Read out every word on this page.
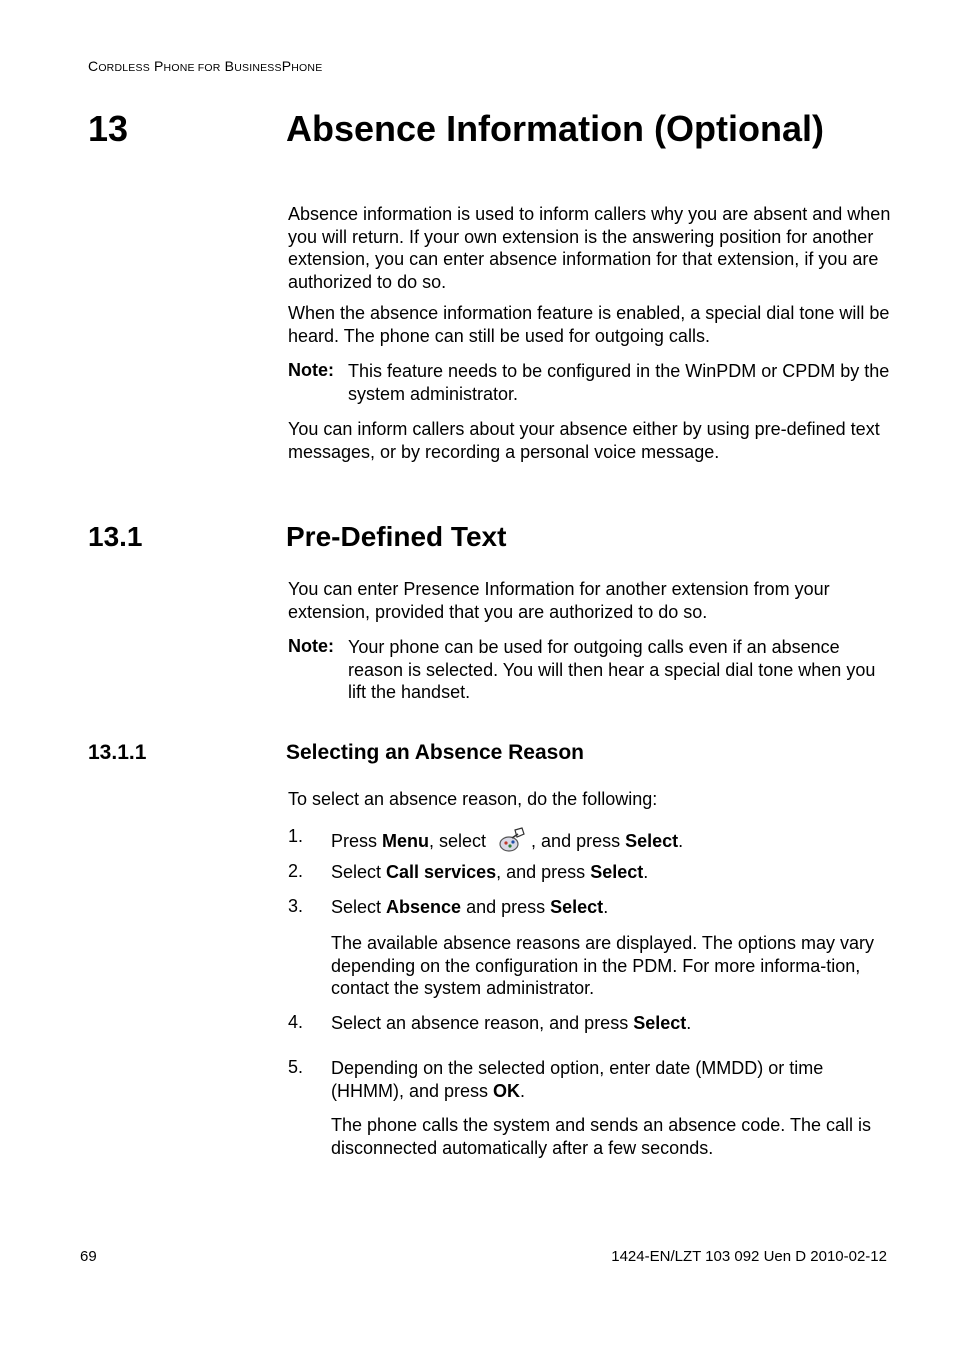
CORDLESS PHONE FOR BUSINESSPHONE
13	Absence Information (Optional)
Absence information is used to inform callers why you are absent and when you will return. If your own extension is the answering position for another extension, you can enter absence information for that extension, if you are authorized to do so.
When the absence information feature is enabled, a special dial tone will be heard. The phone can still be used for outgoing calls.
Note: This feature needs to be configured in the WinPDM or CPDM by the system administrator.
You can inform callers about your absence either by using pre-defined text messages, or by recording a personal voice message.
13.1	Pre-Defined Text
You can enter Presence Information for another extension from your extension, provided that you are authorized to do so.
Note: Your phone can be used for outgoing calls even if an absence reason is selected. You will then hear a special dial tone when you lift the handset.
13.1.1	Selecting an Absence Reason
To select an absence reason, do the following:
1. Press Menu, select , and press Select.
2. Select Call services, and press Select.
3. Select Absence and press Select.
The available absence reasons are displayed. The options may vary depending on the configuration in the PDM. For more informa-tion, contact the system administrator.
4. Select an absence reason, and press Select.
5. Depending on the selected option, enter date (MMDD) or time (HHMM), and press OK.
The phone calls the system and sends an absence code. The call is disconnected automatically after a few seconds.
69	1424-EN/LZT 103 092 Uen D 2010-02-12
